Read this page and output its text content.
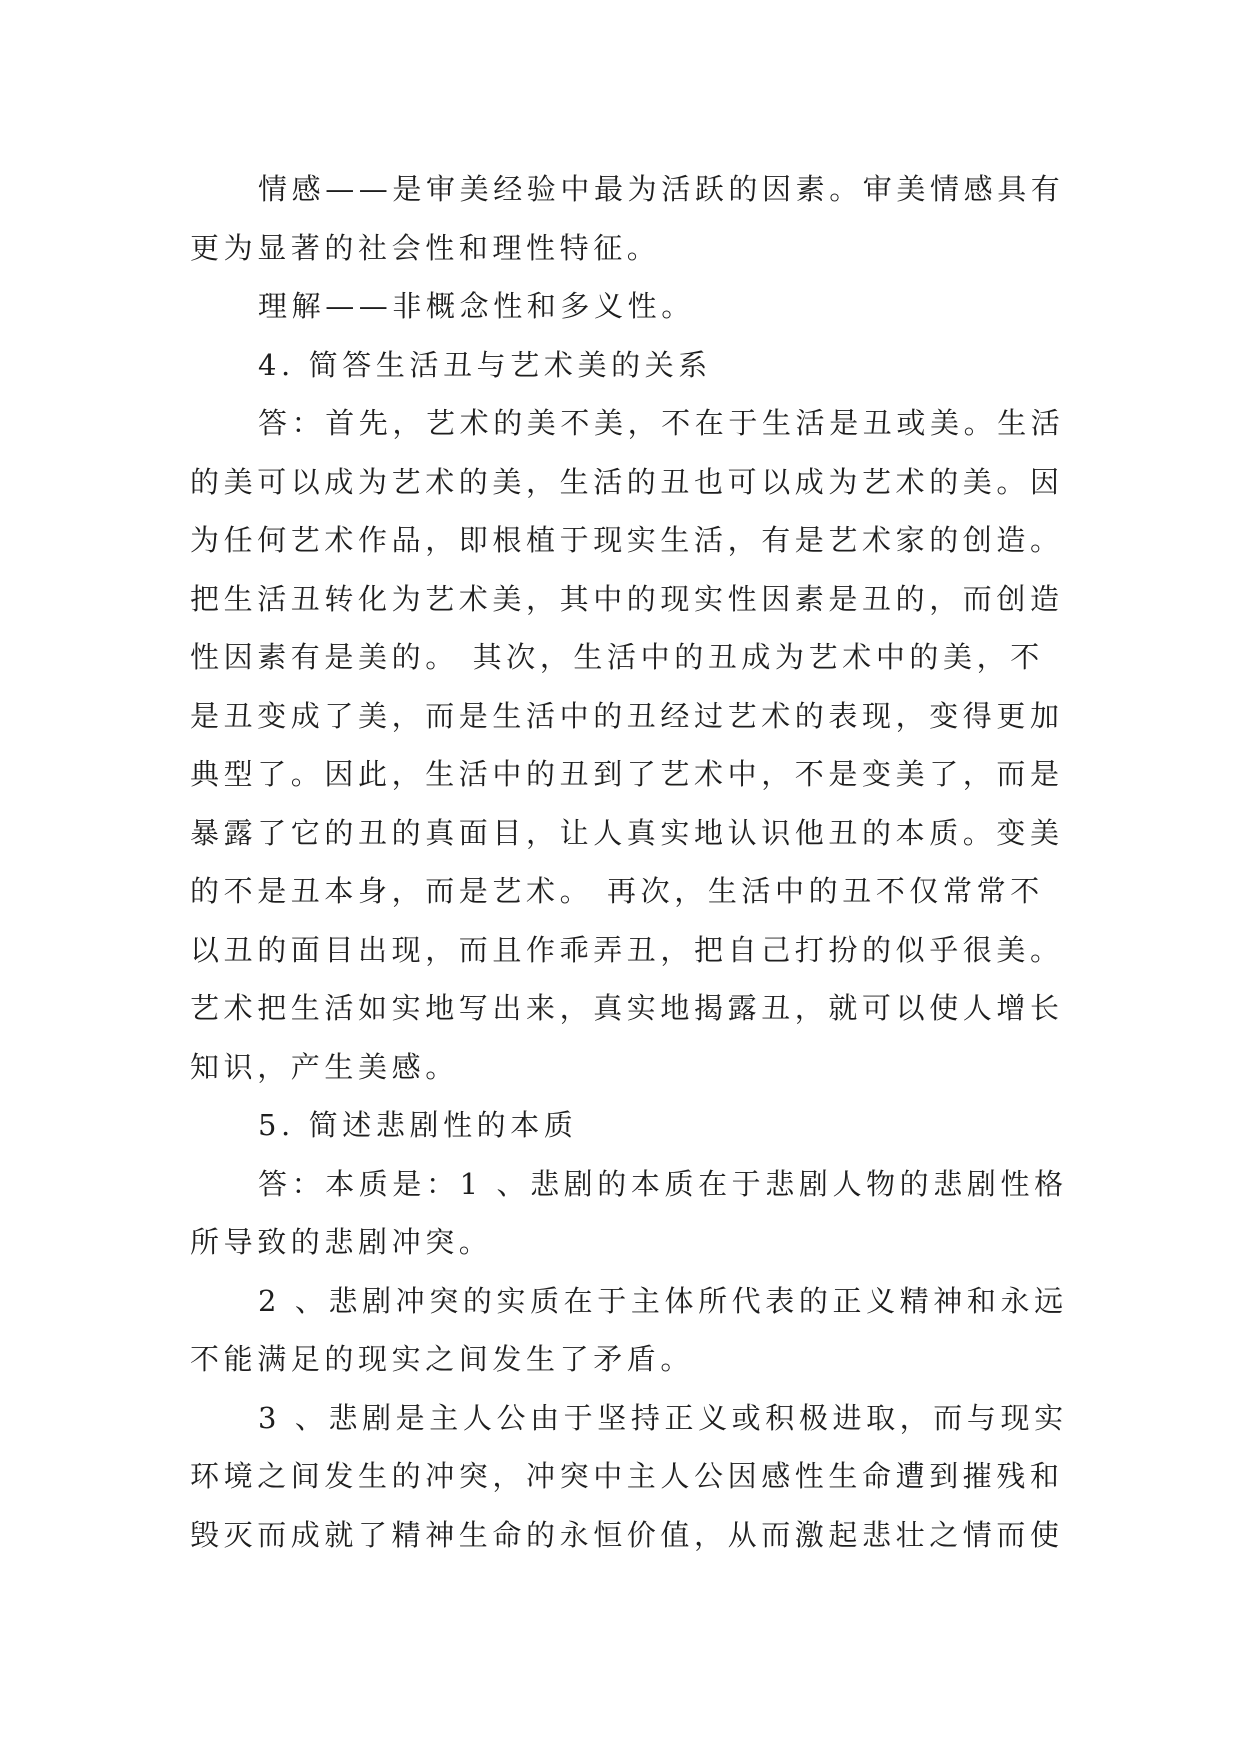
情感——是审美经验中最为活跃的因素。审美情感具有
更为显著的社会性和理性特征。
理解——非概念性和多义性。
4. 简答生活丑与艺术美的关系
答：首先，艺术的美不美，不在于生活是丑或美。生活
的美可以成为艺术的美，生活的丑也可以成为艺术的美。因
为任何艺术作品，即根植于现实生活，有是艺术家的创造。
把生活丑转化为艺术美，其中的现实性因素是丑的，而创造
性因素有是美的。 其次，生活中的丑成为艺术中的美，不
是丑变成了美，而是生活中的丑经过艺术的表现，变得更加
典型了。因此，生活中的丑到了艺术中，不是变美了，而是
暴露了它的丑的真面目，让人真实地认识他丑的本质。变美
的不是丑本身，而是艺术。 再次，生活中的丑不仅常常不
以丑的面目出现，而且作乖弄丑，把自己打扮的似乎很美。
艺术把生活如实地写出来，真实地揭露丑，就可以使人增长
知识，产生美感。
5. 简述悲剧性的本质
答：本质是：1 、悲剧的本质在于悲剧人物的悲剧性格
所导致的悲剧冲突。
2 、悲剧冲突的实质在于主体所代表的正义精神和永远
不能满足的现实之间发生了矛盾。
3 、悲剧是主人公由于坚持正义或积极进取，而与现实
环境之间发生的冲突，冲突中主人公因感性生命遭到摧残和
毁灭而成就了精神生命的永恒价值，从而激起悲壮之情而使
